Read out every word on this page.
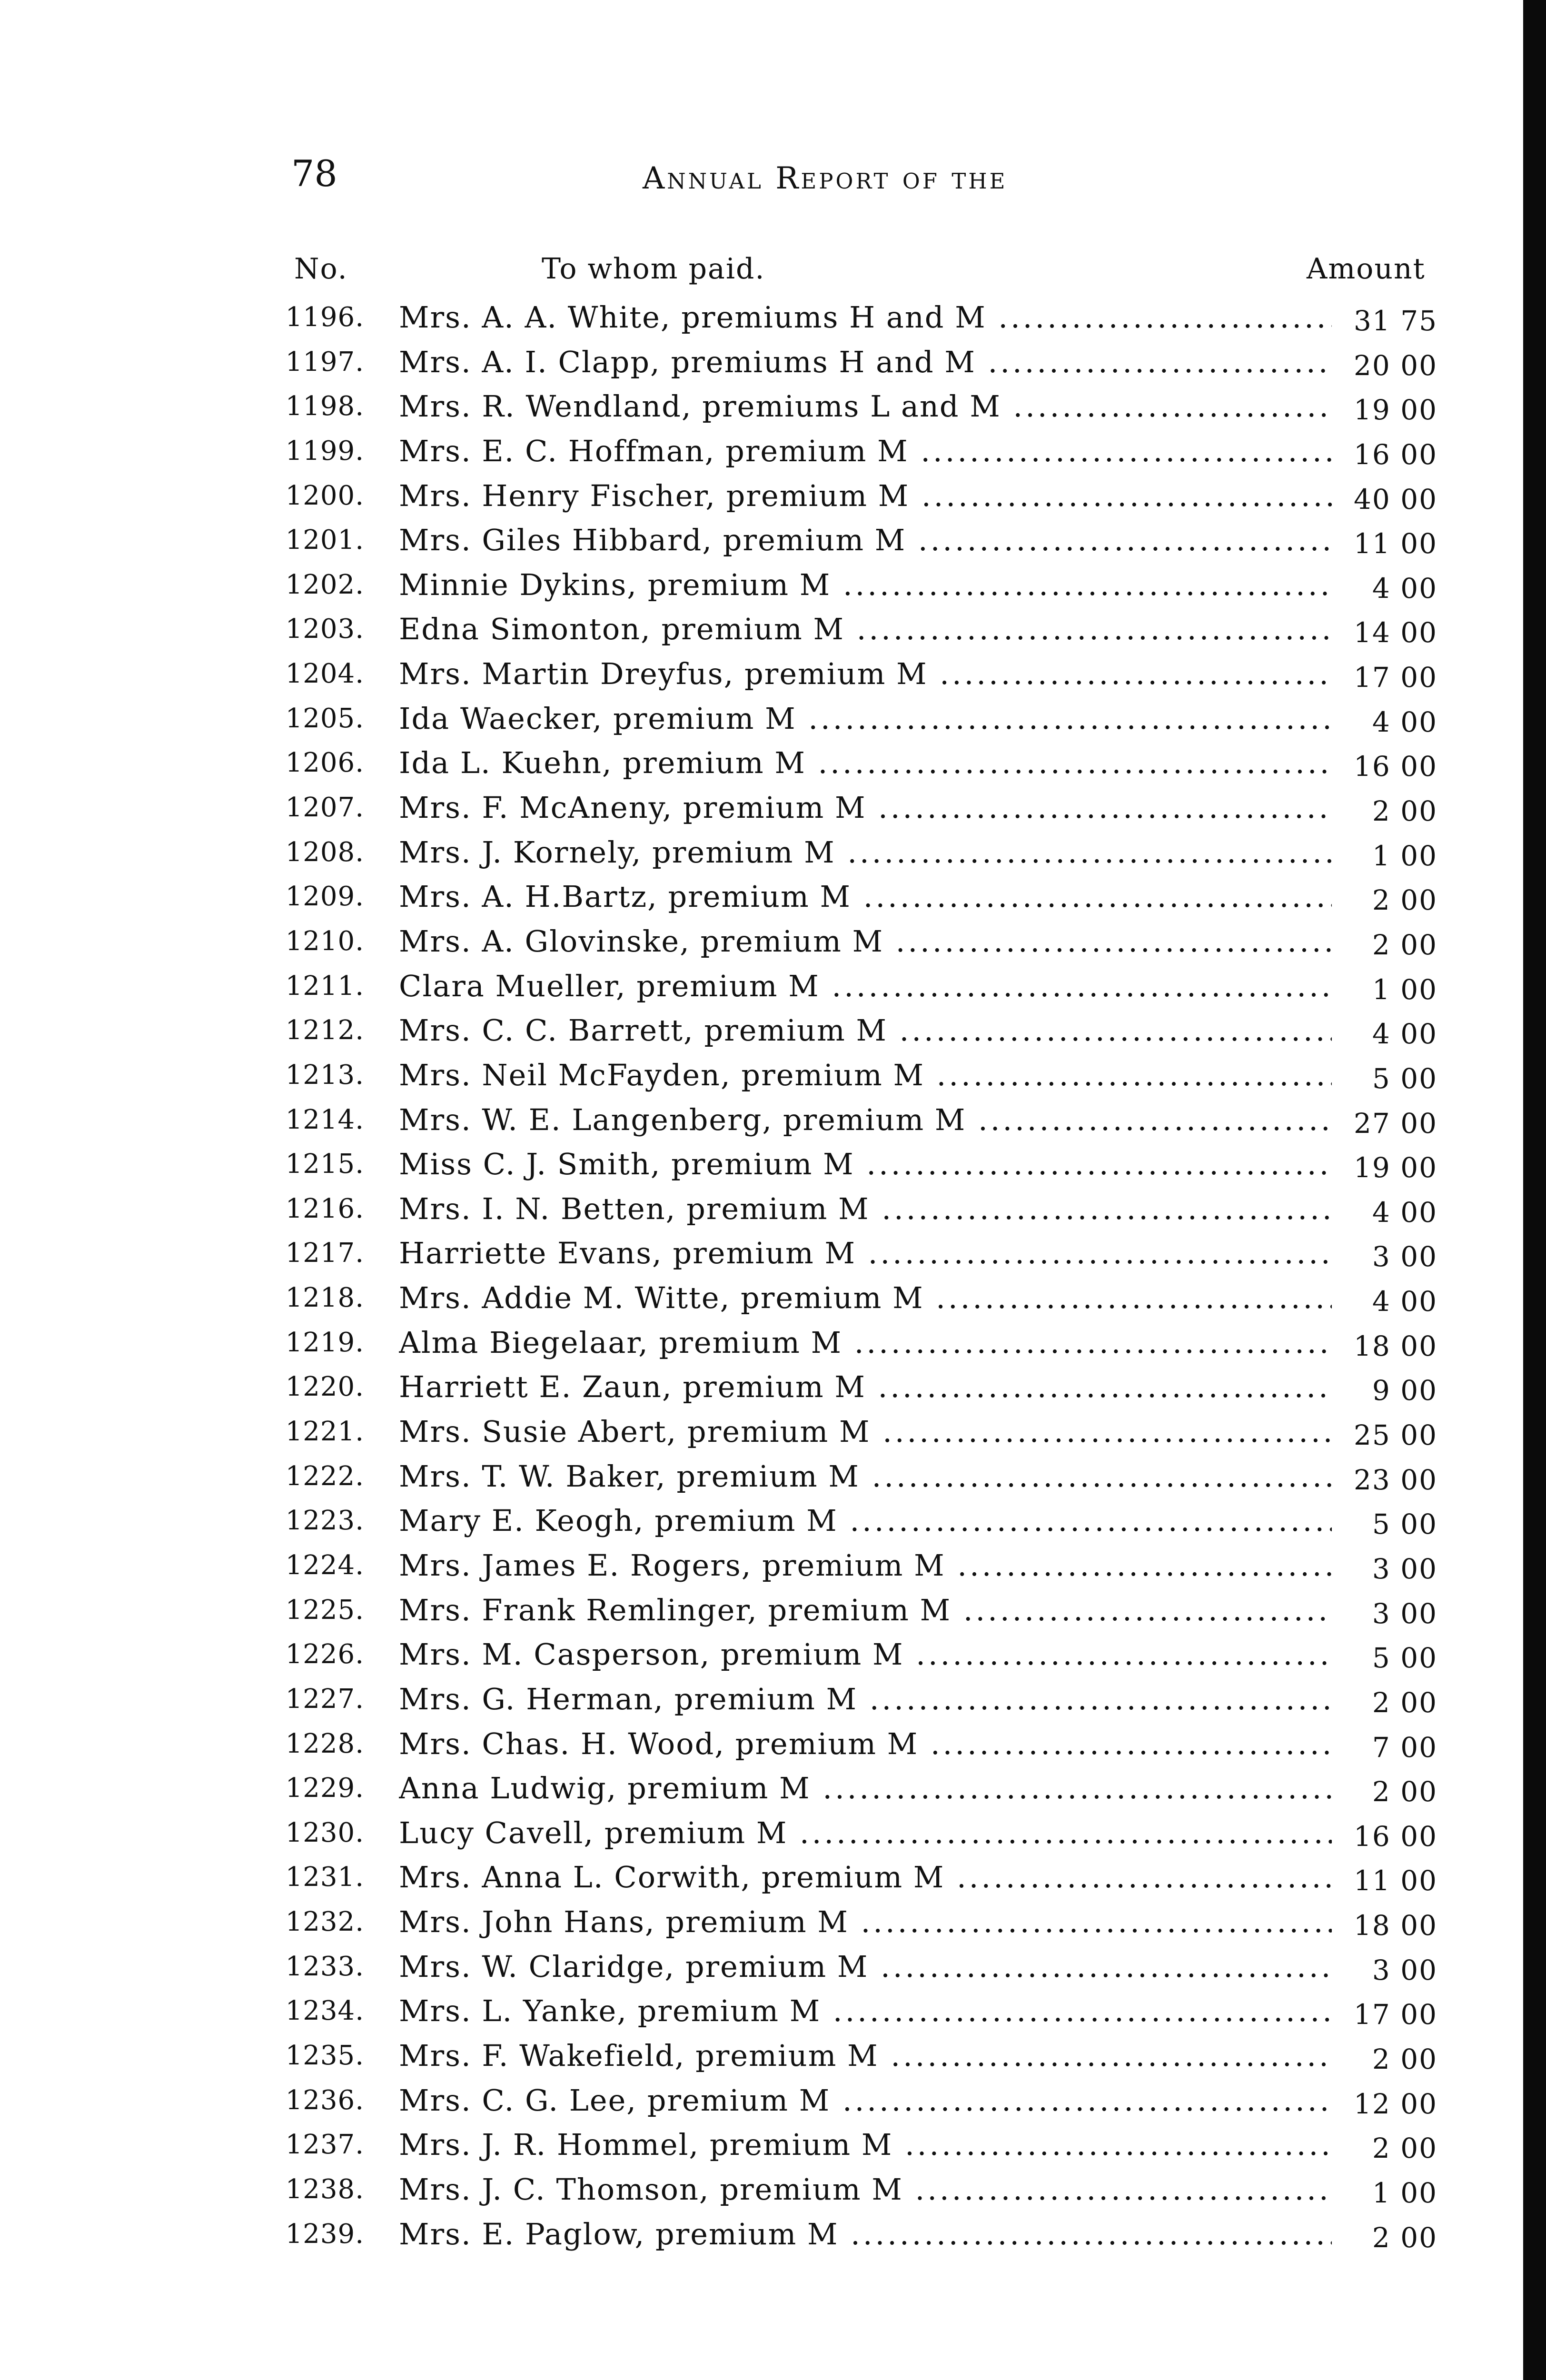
78	Annual Report of the
No.	To whom paid.	Amount
1196. Mrs. A. A. White, premiums H and M .....	31 75
1197. Mrs. A. I. Clapp, premiums H and M .....	20 00
1198. Mrs. R. Wendland, premiums L and M .....	19 00
1199. Mrs. E. C. Hoffman, premium M .....	16 00
1200. Mrs. Henry Fischer, premium M .....	40 00
1201. Mrs. Giles Hibbard, premium M .....	11 00
1202. Minnie Dykins, premium M .....	4 00
1203. Edna Simonton, premium M .....	14 00
1204. Mrs. Martin Dreyfus, premium M .....	17 00
1205. Ida Waecker, premium M .....	4 00
1206. Ida L. Kuehn, premium M .....	16 00
1207. Mrs. F. McAneny, premium M .....	2 00
1208. Mrs. J. Kornely, premium M .....	1 00
1209. Mrs. A. H.Bartz, premium M .....	2 00
1210. Mrs. A. Glovinske, premium M .....	2 00
1211. Clara Mueller, premium M .....	1 00
1212. Mrs. C. C. Barrett, premium M .....	4 00
1213. Mrs. Neil McFayden, premium M .....	5 00
1214. Mrs. W. E. Langenberg, premium M .....	27 00
1215. Miss C. J. Smith, premium M .....	19 00
1216. Mrs. I. N. Betten, premium M .....	4 00
1217. Harriette Evans, premium M .....	3 00
1218. Mrs. Addie M. Witte, premium M .....	4 00
1219. Alma Biegelaar, premium M .....	18 00
1220. Harriett E. Zaun, premium M .....	9 00
1221. Mrs. Susie Abert, premium M .....	25 00
1222. Mrs. T. W. Baker, premium M .....	23 00
1223. Mary E. Keogh, premium M .....	5 00
1224. Mrs. James E. Rogers, premium M .....	3 00
1225. Mrs. Frank Remlinger, premium M .....	3 00
1226. Mrs. M. Casperson, premium M .....	5 00
1227. Mrs. G. Herman, premium M .....	2 00
1228. Mrs. Chas. H. Wood, premium M .....	7 00
1229. Anna Ludwig, premium M .....	2 00
1230. Lucy Cavell, premium M .....	16 00
1231. Mrs. Anna L. Corwith, premium M .....	11 00
1232. Mrs. John Hans, premium M .....	18 00
1233. Mrs. W. Claridge, premium M .....	3 00
1234. Mrs. L. Yanke, premium M .....	17 00
1235. Mrs. F. Wakefield, premium M .....	2 00
1236. Mrs. C. G. Lee, premium M .....	12 00
1237. Mrs. J. R. Hommel, premium M .....	2 00
1238. Mrs. J. C. Thomson, premium M .....	1 00
1239. Mrs. E. Paglow, premium M .....	2 00
